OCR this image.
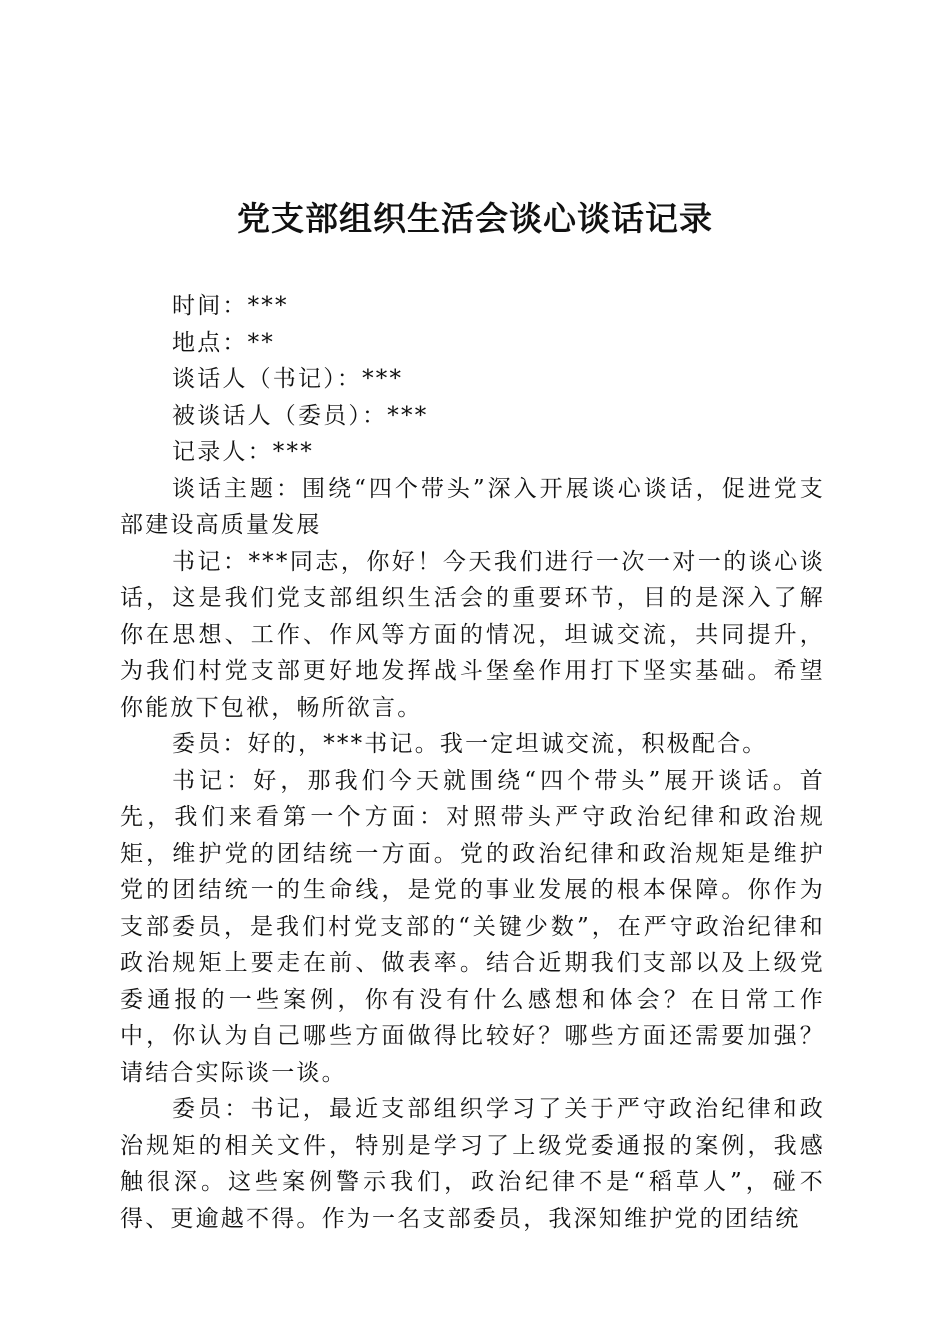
党支部组织生活会谈心谈话记录

时间：***

地点：**

谈话人（书记）：***

被谈话人（委员）：***

记录人：***

谈话主题：围绕“四个带头”深入开展谈心谈话，促进党支部建设高质量发展

书记：***同志，你好！今天我们进行一次一对一的谈心谈话，这是我们党支部组织生活会的重要环节，目的是深入了解你在思想、工作、作风等方面的情况，坦诚交流，共同提升，为我们村党支部更好地发挥战斗堡垒作用打下坚实基础。希望你能放下包袱，畅所欲言。

委员：好的，***书记。我一定坦诚交流，积极配合。

书记：好，那我们今天就围绕“四个带头”展开谈话。首先，我们来看第一个方面：对照带头严守政治纪律和政治规矩，维护党的团结统一方面。党的政治纪律和政治规矩是维护党的团结统一的生命线，是党的事业发展的根本保障。你作为支部委员，是我们村党支部的“关键少数”，在严守政治纪律和政治规矩上要走在前、做表率。结合近期我们支部以及上级党委通报的一些案例，你有没有什么感想和体会？在日常工作中，你认为自己哪些方面做得比较好？哪些方面还需要加强？请结合实际谈一谈。

委员：书记，最近支部组织学习了关于严守政治纪律和政治规矩的相关文件，特别是学习了上级党委通报的案例，我感触很深。这些案例警示我们，政治纪律不是“稻草人”，碰不得、更逾越不得。作为一名支部委员，我深知维护党的团结统
